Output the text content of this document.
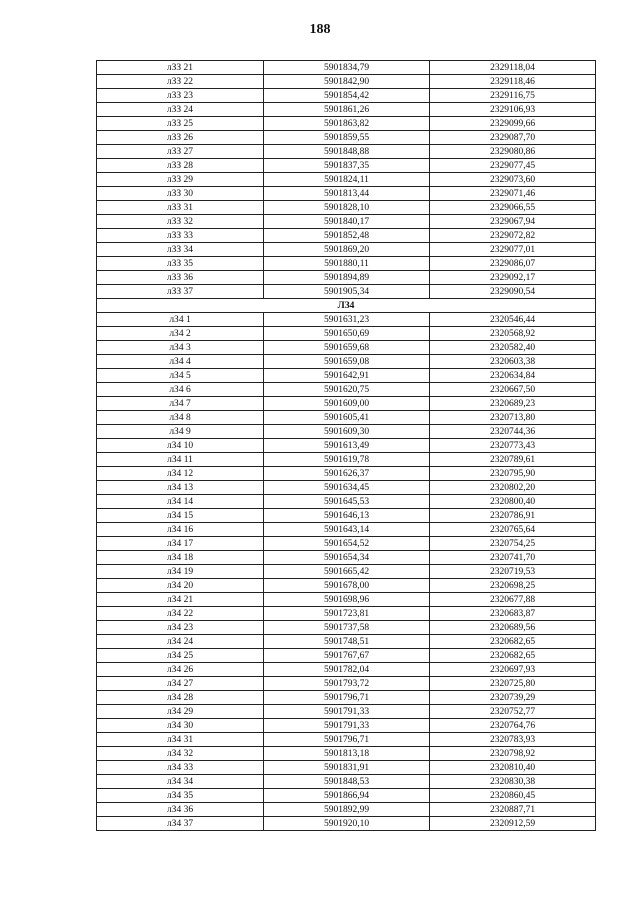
188
лЗЗ 21	5901834,79	2329118,04
лЗЗ 22	5901842,90	2329118,46
лЗЗ 23	5901854,42	2329116,75
лЗЗ 24	5901861,26	2329106,93
лЗЗ 25	5901863,82	2329099,66
лЗЗ 26	5901859,55	2329087,70
лЗЗ 27	5901848,88	2329080,86
лЗЗ 28	5901837,35	2329077,45
лЗЗ 29	5901824,11	2329073,60
лЗЗ 30	5901813,44	2329071,46
лЗЗ 31	5901828,10	2329066,55
лЗЗ 32	5901840,17	2329067,94
лЗЗ 33	5901852,48	2329072,82
лЗЗ 34	5901869,20	2329077,01
лЗЗ 35	5901880,11	2329086,07
лЗЗ 36	5901894,89	2329092,17
лЗЗ 37	5901905,34	2329090,54
ЛЗ4		
лЗ4 1	5901631,23	2320546,44
лЗ4 2	5901650,69	2320568,92
лЗ4 3	5901659,68	2320582,40
лЗ4 4	5901659,08	2320603,38
лЗ4 5	5901642,91	2320634,84
лЗ4 6	5901620,75	2320667,50
лЗ4 7	5901609,00	2320689,23
лЗ4 8	5901605,41	2320713,80
лЗ4 9	5901609,30	2320744,36
лЗ4 10	5901613,49	2320773,43
лЗ4 11	5901619,78	2320789,61
лЗ4 12	5901626,37	2320795,90
лЗ4 13	5901634,45	2320802,20
лЗ4 14	5901645,53	2320800,40
лЗ4 15	5901646,13	2320786,91
лЗ4 16	5901643,14	2320765,64
лЗ4 17	5901654,52	2320754,25
лЗ4 18	5901654,34	2320741,70
лЗ4 19	5901665,42	2320719,53
лЗ4 20	5901678,00	2320698,25
лЗ4 21	5901698,96	2320677,88
лЗ4 22	5901723,81	2320683,87
лЗ4 23	5901737,58	2320689,56
лЗ4 24	5901748,51	2320682,65
лЗ4 25	5901767,67	2320682,65
лЗ4 26	5901782,04	2320697,93
лЗ4 27	5901793,72	2320725,80
лЗ4 28	5901796,71	2320739,29
лЗ4 29	5901791,33	2320752,77
лЗ4 30	5901791,33	2320764,76
лЗ4 31	5901796,71	2320783,93
лЗ4 32	5901813,18	2320798,92
лЗ4 33	5901831,91	2320810,40
лЗ4 34	5901848,53	2320830,38
лЗ4 35	5901866,94	2320860,45
лЗ4 36	5901892,99	2320887,71
лЗ4 37	5901920,10	2320912,59
